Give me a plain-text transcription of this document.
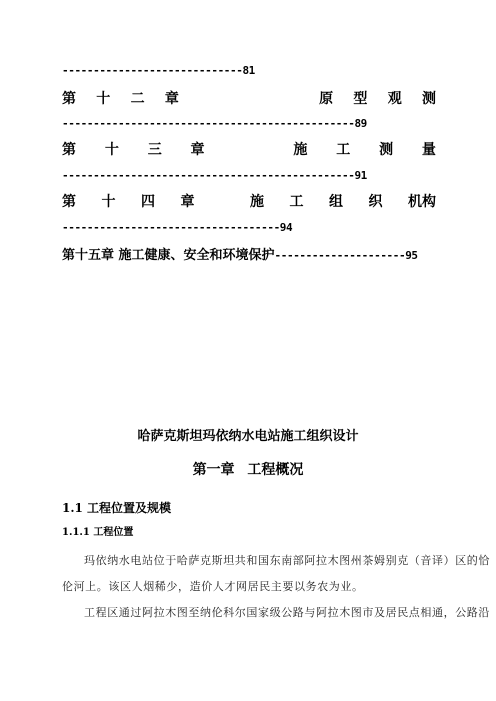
-----------------------------81
第 十 二 章	原 型 观 测
-----------------------------------------------89
第 十 三 章	施 工 测 量
-----------------------------------------------91
第 十 四 章	施 工 组 织 机构
-----------------------------------94
第十五章 施工健康、安全和环境保护---------------------95
哈萨克斯坦玛依纳水电站施工组织设计
第一章 工程概况
1.1 工程位置及规模
1.1.1 工程位置
玛依纳水电站位于哈萨克斯坦共和国东南部阿拉木图州茶姆别克（音译）区的恰
伦河上。该区人烟稀少，造价人才网居民主要以务农为业。
工程区通过阿拉木图至纳伦科尔国家级公路与阿拉木图市及居民点相通，公路沿
